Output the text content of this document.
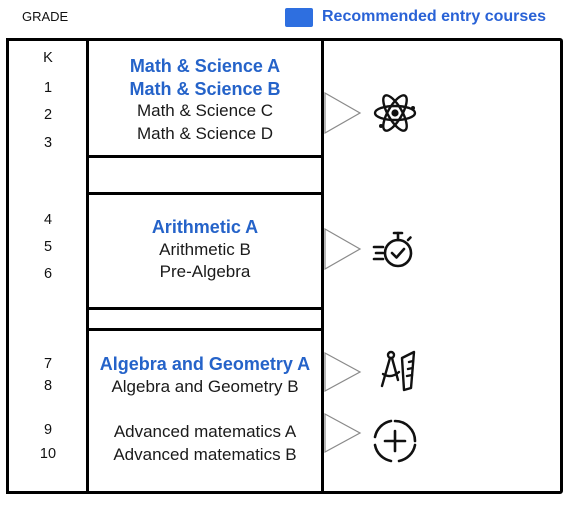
GRADE	Recommended entry courses
Math & Science A
Math & Science B
Math & Science C
Math & Science D
Arithmetic A
Arithmetic B
Pre-Algebra
Algebra and Geometry A
Algebra and Geometry B
Advanced matematics A
Advanced matematics B
K
1
2
3
4
5
6
7
8
9
10
